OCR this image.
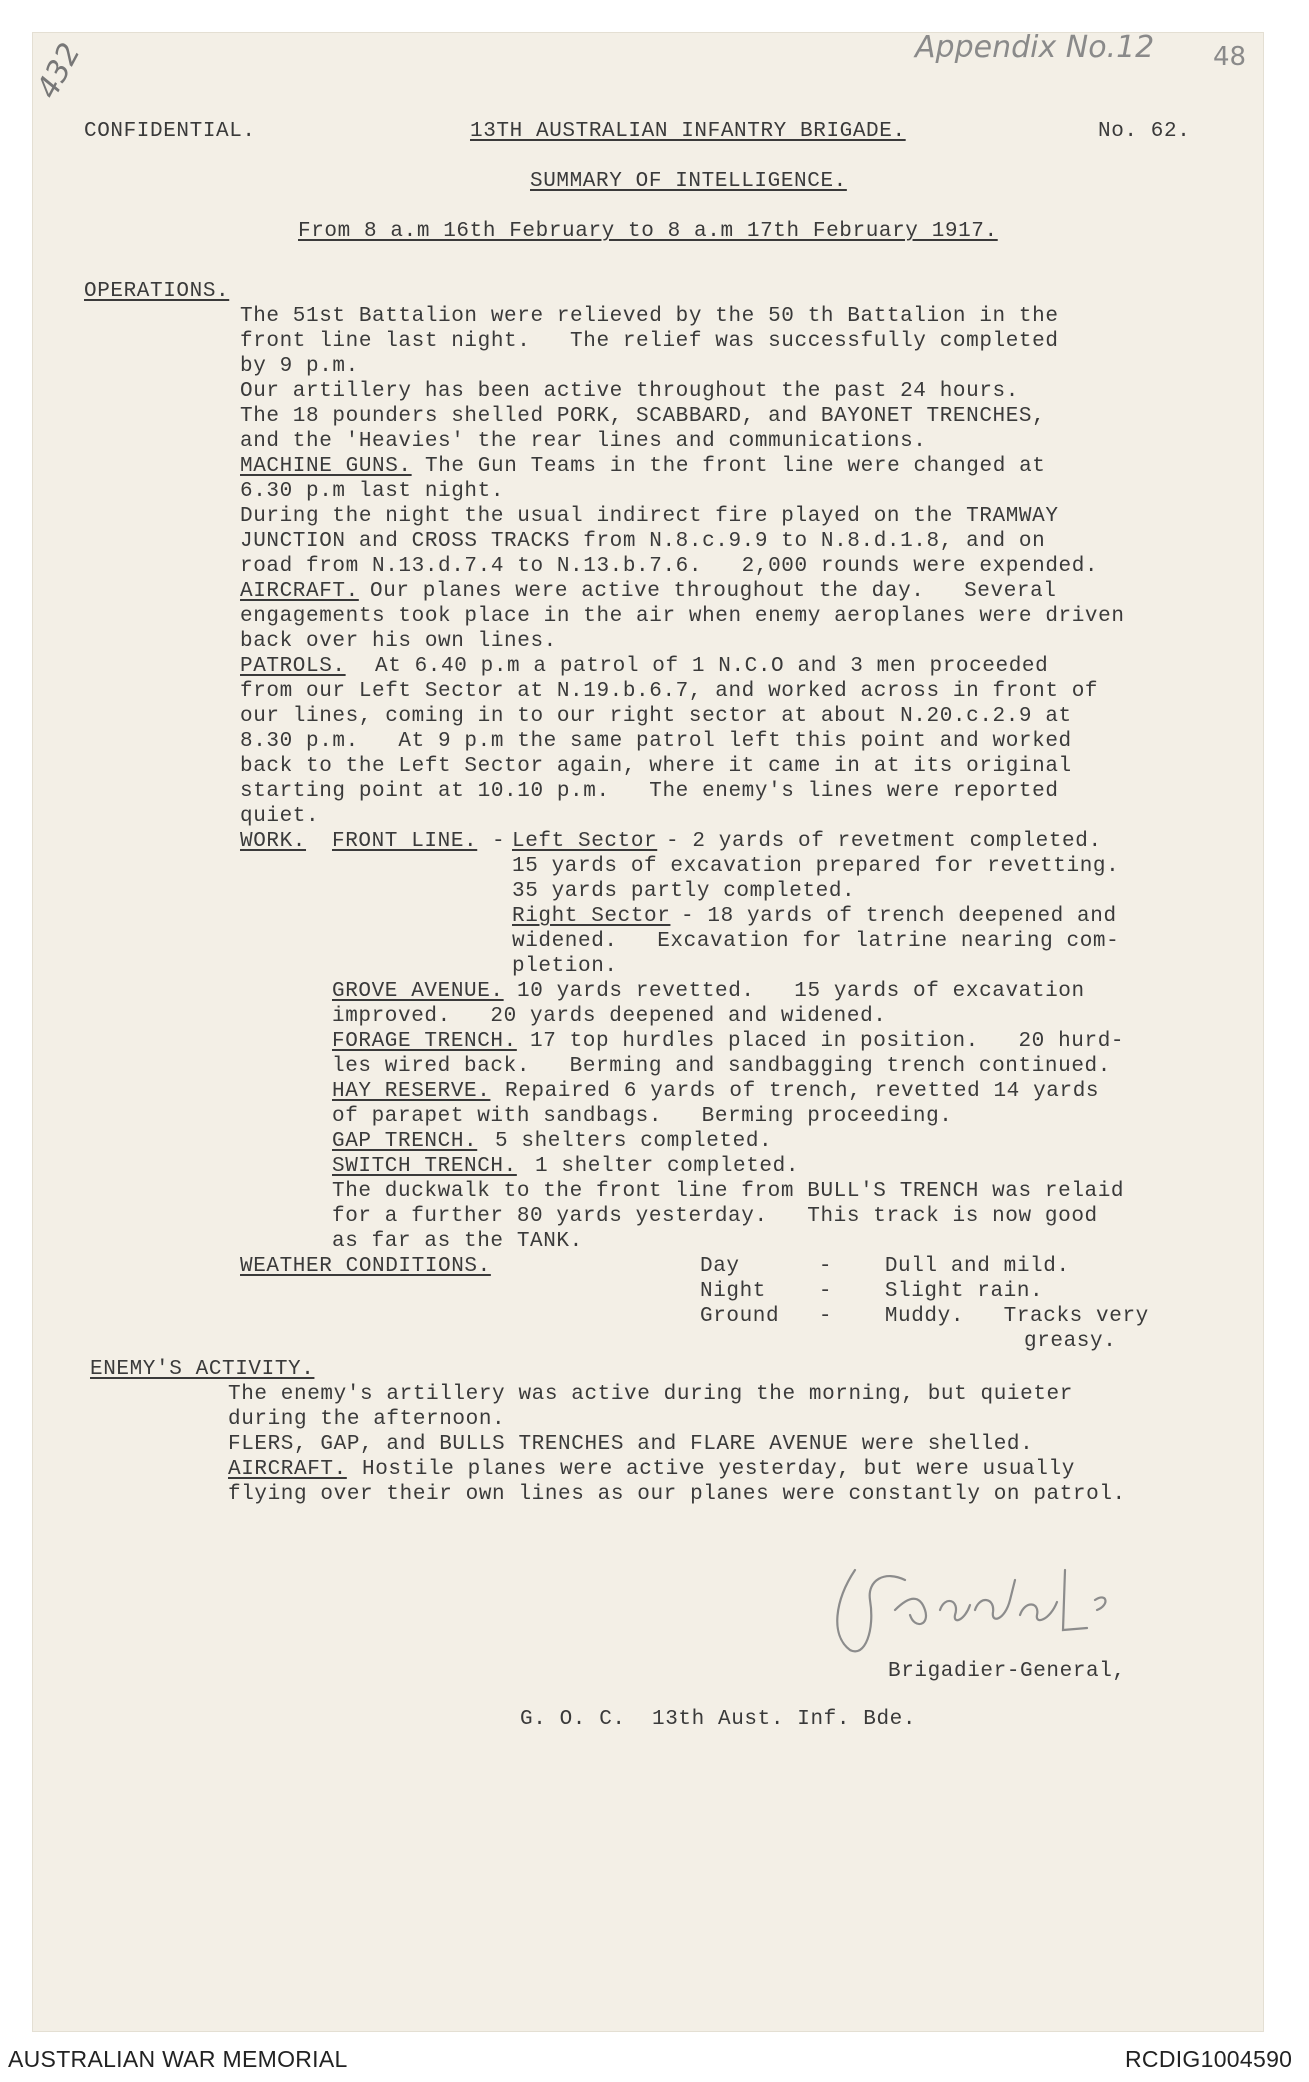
Appendix No.12 48
432
CONFIDENTIAL.	13TH AUSTRALIAN INFANTRY BRIGADE.	No. 62.
SUMMARY OF INTELLIGENCE.
From 8 a.m 16th February to 8 a.m 17th February 1917.
OPERATIONS.
The 51st Battalion were relieved by the 50 th Battalion in the
front line last night.   The relief was successfully completed
by 9 p.m.
Our artillery has been active throughout the past 24 hours.
The 18 pounders shelled PORK, SCABBARD, and BAYONET TRENCHES,
and the 'Heavies' the rear lines and communications.
MACHINE GUNS. The Gun Teams in the front line were changed at
6.30 p.m last night.
During the night the usual indirect fire played on the TRAMWAY
JUNCTION and CROSS TRACKS from N.8.c.9.9 to N.8.d.1.8, and on
road from N.13.d.7.4 to N.13.b.7.6.   2,000 rounds were expended.
AIRCRAFT. Our planes were active throughout the day.   Several
engagements took place in the air when enemy aeroplanes were driven
back over his own lines.
PATROLS. At 6.40 p.m a patrol of 1 N.C.O and 3 men proceeded
from our Left Sector at N.19.b.6.7, and worked across in front of
our lines, coming in to our right sector at about N.20.c.2.9 at
8.30 p.m.   At 9 p.m the same patrol left this point and worked
back to the Left Sector again, where it came in at its original
starting point at 10.10 p.m.   The enemy's lines were reported
quiet.
WORK. FRONT LINE. - Left Sector - 2 yards of revetment completed.
15 yards of excavation prepared for revetting.
35 yards partly completed.
Right Sector - 18 yards of trench deepened and
widened.   Excavation for latrine nearing com-
pletion.
GROVE AVENUE. 10 yards revetted.   15 yards of excavation
improved.   20 yards deepened and widened.
FORAGE TRENCH. 17 top hurdles placed in position.   20 hurd-
les wired back.   Berming and sandbagging trench continued.
HAY RESERVE. Repaired 6 yards of trench, revetted 14 yards
of parapet with sandbags.   Berming proceeding.
GAP TRENCH. 5 shelters completed.
SWITCH TRENCH. 1 shelter completed.
The duckwalk to the front line from BULL'S TRENCH was relaid
for a further 80 yards yesterday.   This track is now good
as far as the TANK.
WEATHER CONDITIONS.	Day      -    Dull and mild.
Night    -    Slight rain.
Ground   -    Muddy.   Tracks very
greasy.
ENEMY'S ACTIVITY.
The enemy's artillery was active during the morning, but quieter
during the afternoon.
FLERS, GAP, and BULLS TRENCHES and FLARE AVENUE were shelled.
AIRCRAFT. Hostile planes were active yesterday, but were usually
flying over their own lines as our planes were constantly on patrol.
Brigadier-General,
G. O. C.  13th Aust. Inf. Bde.
AUSTRALIAN WAR MEMORIAL	RCDIG1004590
